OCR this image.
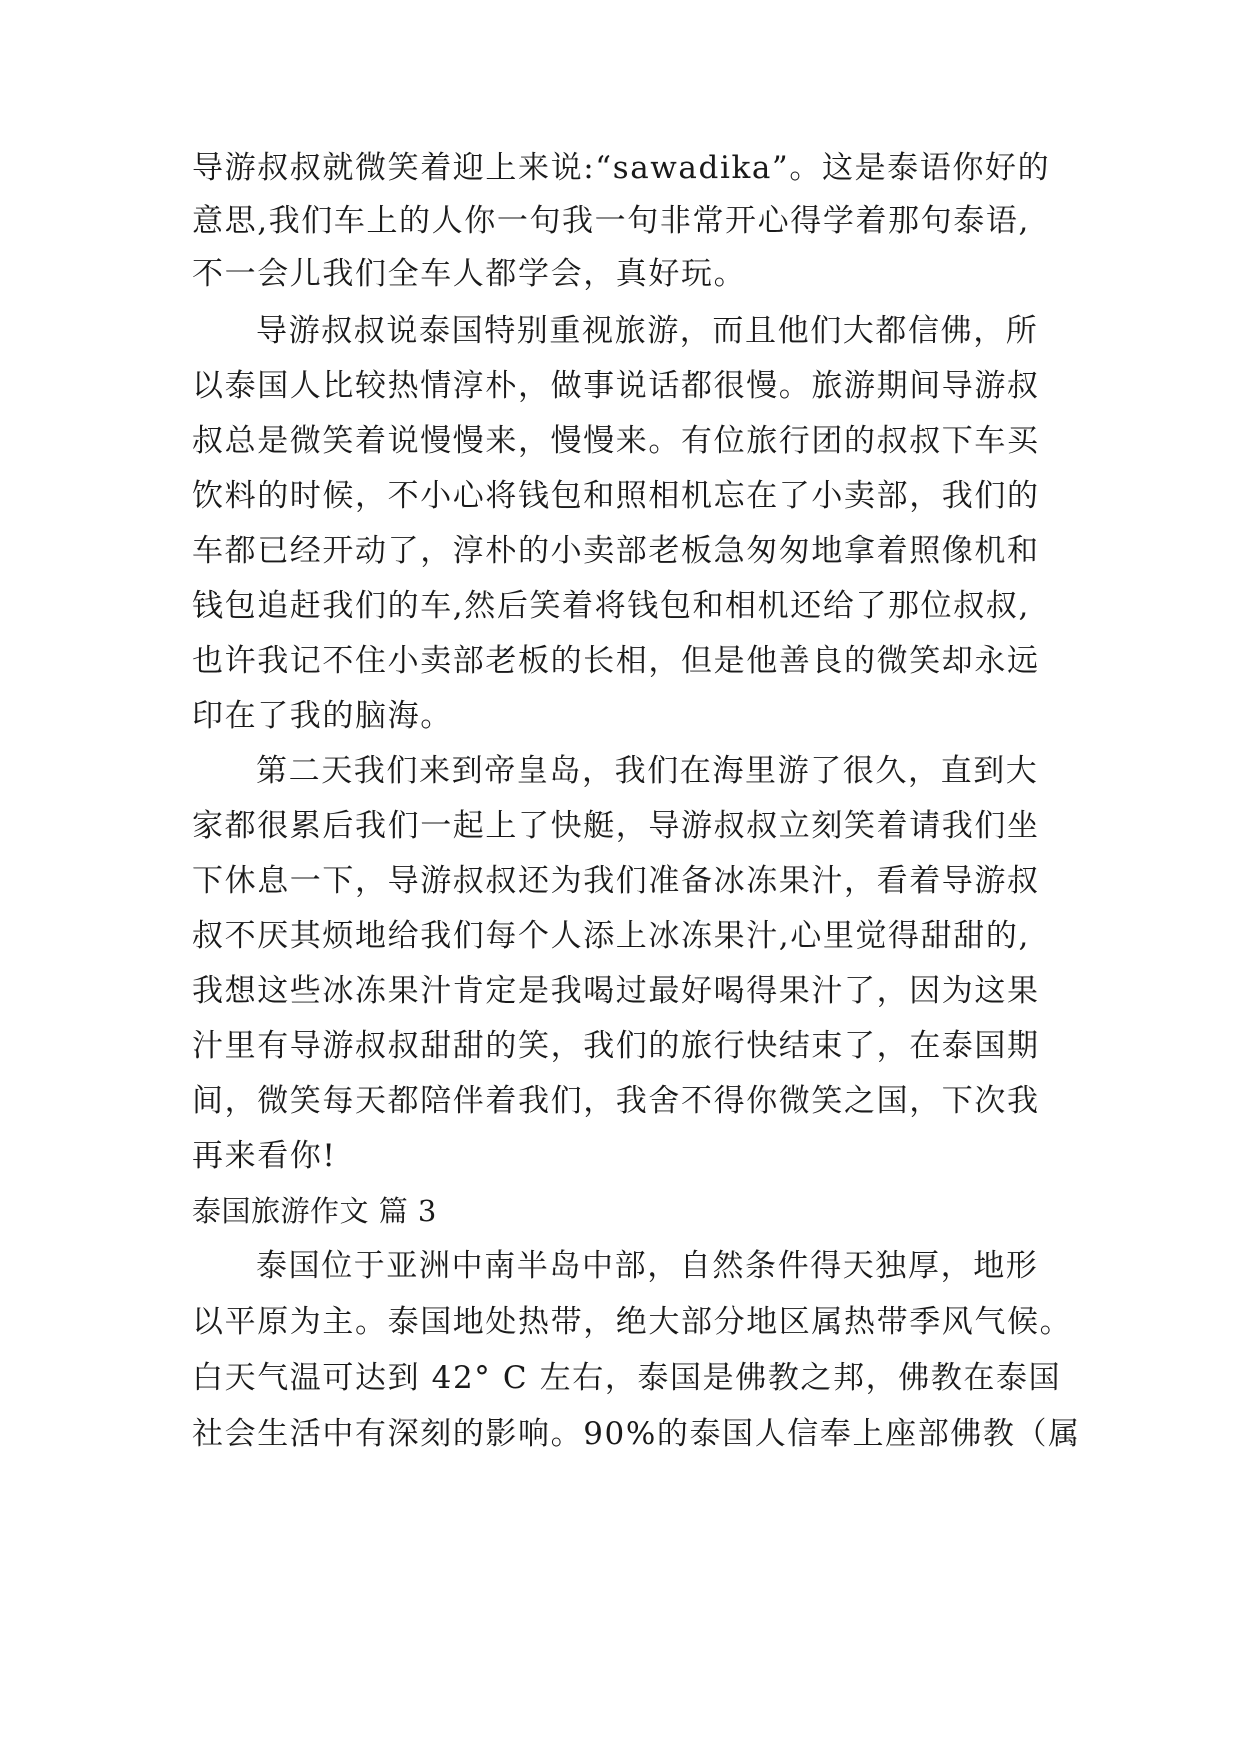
导游叔叔就微笑着迎上来说:“sawadika”。这是泰语你好的
意思,我们车上的人你一句我一句非常开心得学着那句泰语,
不一会儿我们全车人都学会，真好玩。
导游叔叔说泰国特别重视旅游，而且他们大都信佛，所
以泰国人比较热情淳朴，做事说话都很慢。旅游期间导游叔
叔总是微笑着说慢慢来，慢慢来。有位旅行团的叔叔下车买
饮料的时候，不小心将钱包和照相机忘在了小卖部，我们的
车都已经开动了，淳朴的小卖部老板急匆匆地拿着照像机和
钱包追赶我们的车,然后笑着将钱包和相机还给了那位叔叔,
也许我记不住小卖部老板的长相，但是他善良的微笑却永远
印在了我的脑海。
第二天我们来到帝皇岛，我们在海里游了很久，直到大
家都很累后我们一起上了快艇，导游叔叔立刻笑着请我们坐
下休息一下，导游叔叔还为我们准备冰冻果汁，看着导游叔
叔不厌其烦地给我们每个人添上冰冻果汁,心里觉得甜甜的,
我想这些冰冻果汁肯定是我喝过最好喝得果汁了，因为这果
汁里有导游叔叔甜甜的笑，我们的旅行快结束了，在泰国期
间，微笑每天都陪伴着我们，我舍不得你微笑之国，下次我
再来看你!
泰国旅游作文 篇 3
泰国位于亚洲中南半岛中部，自然条件得天独厚，地形
以平原为主。泰国地处热带，绝大部分地区属热带季风气候。
白天气温可达到 42° C 左右，泰国是佛教之邦，佛教在泰国
社会生活中有深刻的影响。90%的泰国人信奉上座部佛教（属
